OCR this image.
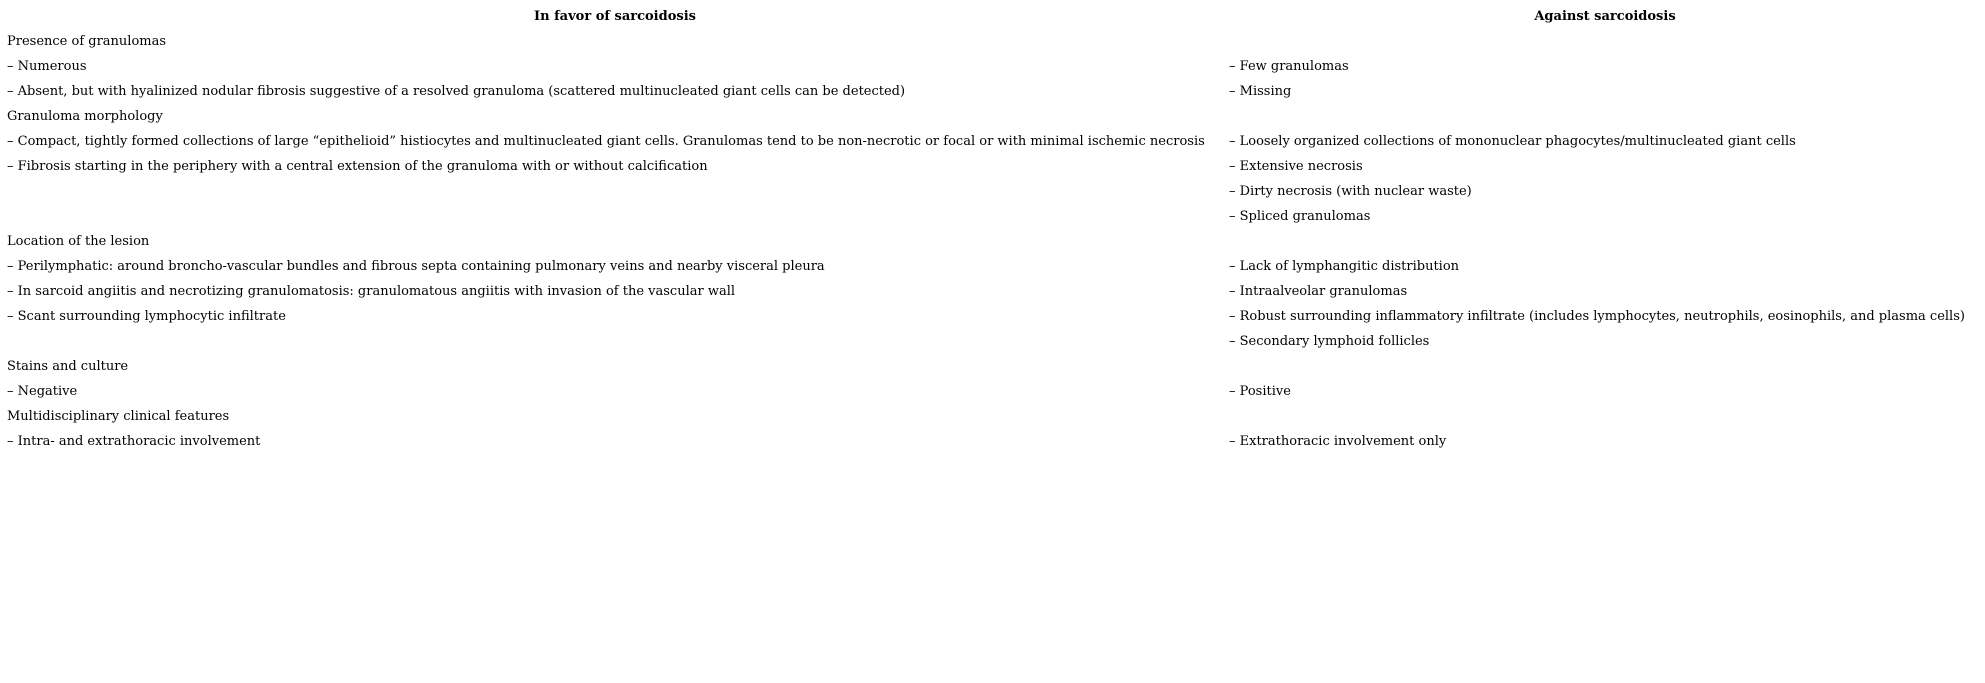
In favor of sarcoidosis	Against sarcoidosis
Presence of granulomas	
– Numerous	– Few granulomas
– Absent, but with hyalinized nodular fibrosis suggestive of a resolved granuloma (scattered multinucleated giant cells can be detected)	– Missing
Granuloma morphology	
– Compact, tightly formed collections of large “epithelioid” histiocytes and multinucleated giant cells. Granulomas tend to be non-necrotic or focal or with minimal ischemic necrosis	– Loosely organized collections of mononuclear phagocytes/multinucleated giant cells
– Fibrosis starting in the periphery with a central extension of the granuloma with or without calcification	– Extensive necrosis
	– Dirty necrosis (with nuclear waste)
	– Spliced granulomas
Location of the lesion	
– Perilymphatic: around broncho-vascular bundles and fibrous septa containing pulmonary veins and nearby visceral pleura	– Lack of lymphangitic distribution
– In sarcoid angiitis and necrotizing granulomatosis: granulomatous angiitis with invasion of the vascular wall	– Intraalveolar granulomas
– Scant surrounding lymphocytic infiltrate	– Robust surrounding inflammatory infiltrate (includes lymphocytes, neutrophils, eosinophils, and plasma cells)
	– Secondary lymphoid follicles
Stains and culture	
– Negative	– Positive
Multidisciplinary clinical features	
– Intra- and extrathoracic involvement	– Extrathoracic involvement only
